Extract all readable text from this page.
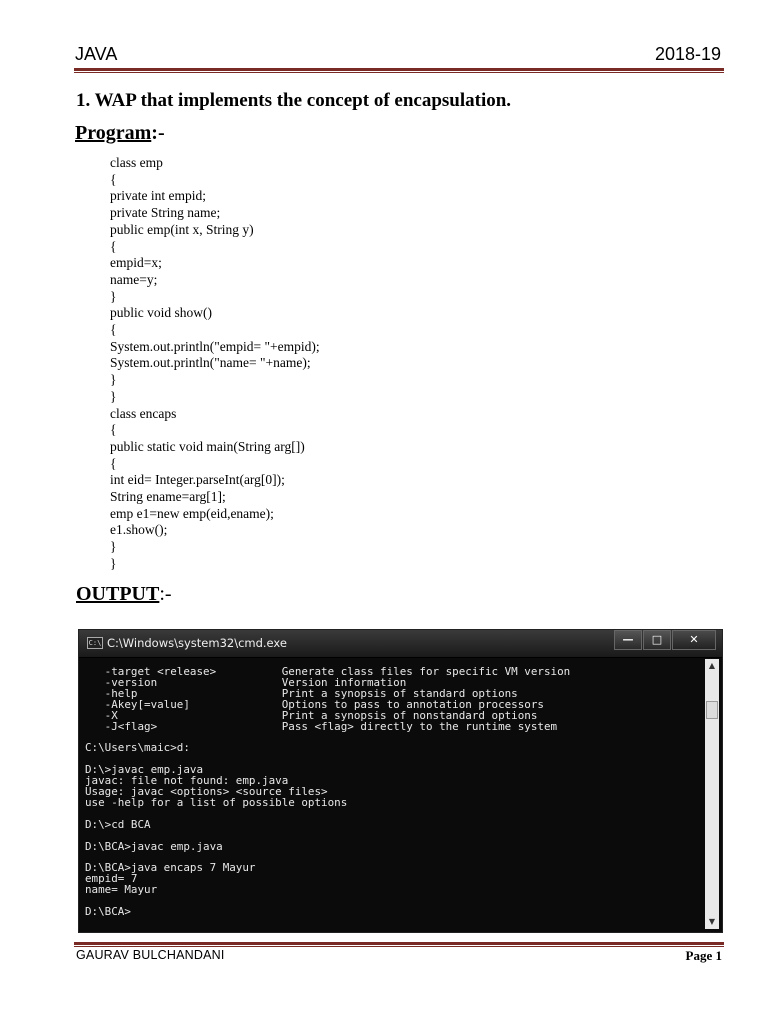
JAVA	2018-19
1. WAP that implements the concept of encapsulation.
Program:-
class emp
{
private int empid;
private String name;
public emp(int x, String y)
{
empid=x;
name=y;
}
public void show()
{
System.out.println("empid= "+empid);
System.out.println("name= "+name);
}
}
class encaps
{
public static void main(String arg[])
{
int eid= Integer.parseInt(arg[0]);
String ename=arg[1];
emp e1=new emp(eid,ename);
e1.show();
}
}
OUTPUT:-
C:\ C:\Windows\system32\cmd.exe	—	□	✕
-target <release>          Generate class files for specific VM version
-version                   Version information
-help                      Print a synopsis of standard options
-Akey[=value]              Options to pass to annotation processors
-X                         Print a synopsis of nonstandard options
-J<flag>                   Pass <flag> directly to the runtime system

C:\Users\maic>d:

D:\>javac emp.java
javac: file not found: emp.java
Usage: javac <options> <source files>
use -help for a list of possible options

D:\>cd BCA

D:\BCA>javac emp.java

D:\BCA>java encaps 7 Mayur
empid= 7
name= Mayur

D:\BCA>
▲
▼
GAURAV BULCHANDANI	Page 1
